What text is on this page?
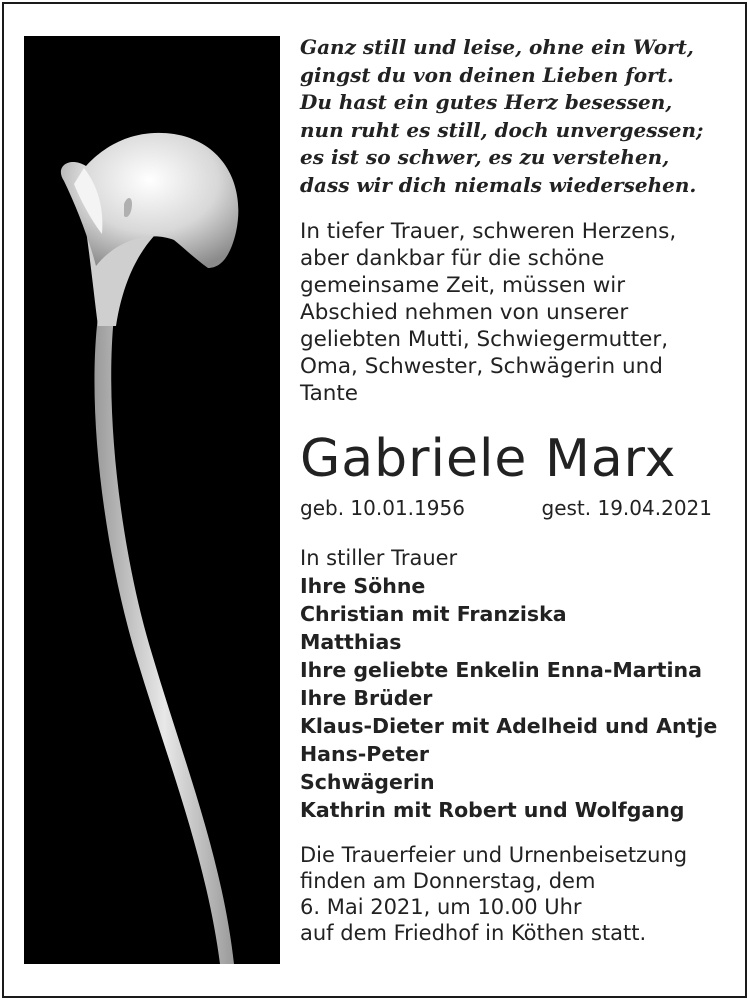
Ganz still und leise, ohne ein Wort,
gingst du von deinen Lieben fort.
Du hast ein gutes Herz besessen,
nun ruht es still, doch unvergessen;
es ist so schwer, es zu verstehen,
dass wir dich niemals wiedersehen.
In tiefer Trauer, schweren Herzens,
aber dankbar für die schöne
gemeinsame Zeit, müssen wir
Abschied nehmen von unserer
geliebten Mutti, Schwiegermutter,
Oma, Schwester, Schwägerin und
Tante
Gabriele Marx
geb. 10.01.1956	gest. 19.04.2021
In stiller Trauer
Ihre Söhne
Christian mit Franziska
Matthias
Ihre geliebte Enkelin Enna-Martina
Ihre Brüder
Klaus-Dieter mit Adelheid und Antje
Hans-Peter
Schwägerin
Kathrin mit Robert und Wolfgang
Die Trauerfeier und Urnenbeisetzung
finden am Donnerstag, dem
6. Mai 2021, um 10.00 Uhr
auf dem Friedhof in Köthen statt.
